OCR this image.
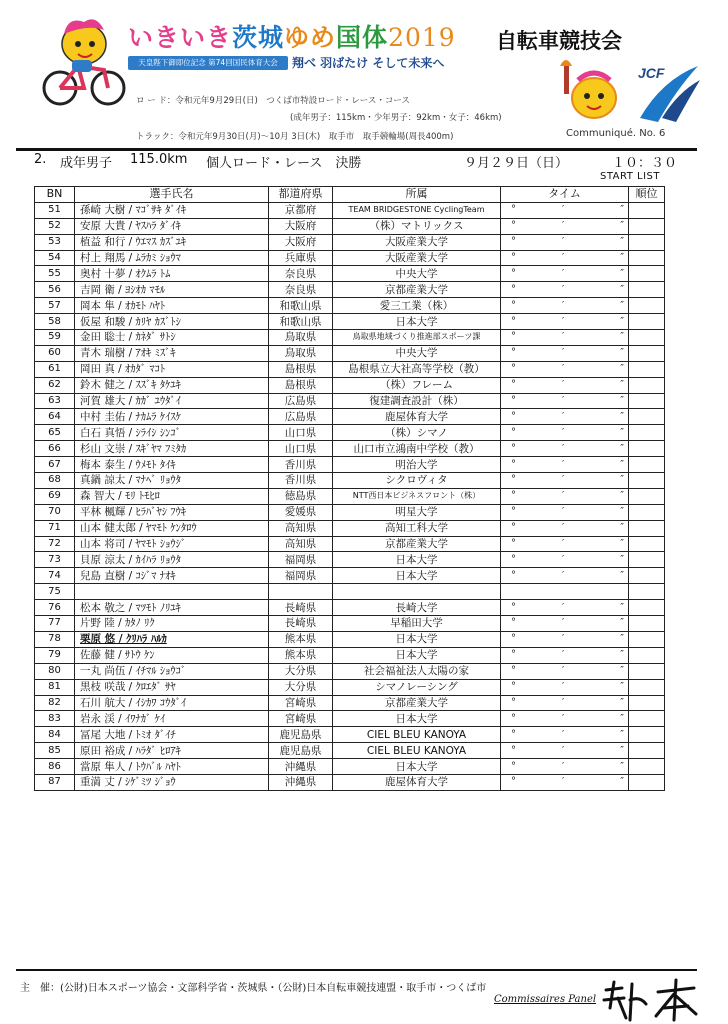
いきいき茨城ゆめ国体2019 自転車競技会
天皇陛下御即位記念 第74回国民体育大会	翔べ 羽ばたけ そして未来へ
JCF
ロ ー ド：令和元年9月29日(日)　つくば市特設ロード・レース・コース
(成年男子：115km・少年男子：92km・女子：46km)
トラック：令和元年9月30日(月)〜10月 3日(木)　取手市　取手競輪場(周長400m)	Communiqué. No. 6
2. 成年男子 115.0km 個人ロード・レース　決勝	９月２９日（日）	１０：３０
START LIST
BN	選手氏名	都道府県	所属	タイム	順位
51	孫崎 大樹 / ﾏｺﾞｻｷ ﾀﾞｲｷ	京都府	TEAM BRIDGESTONE CyclingTeam	° ′ ″	
52	安原 大貴 / ﾔｽﾊﾗ ﾀﾞｲｷ	大阪府	（株）マトリックス	° ′ ″	
53	植益 和行 / ｳｴﾏｽ ｶｽﾞﾕｷ	大阪府	大阪産業大学	° ′ ″	
54	村上 翔馬 / ﾑﾗｶﾐ ｼｮｳﾏ	兵庫県	大阪産業大学	° ′ ″	
55	奥村 十夢 / ｵｸﾑﾗ ﾄﾑ	奈良県	中央大学	° ′ ″	
56	吉岡 衛 / ﾖｼｵｶ ﾏﾓﾙ	奈良県	京都産業大学	° ′ ″	
57	岡本 隼 / ｵｶﾓﾄ ﾊﾔﾄ	和歌山県	愛三工業（株）	° ′ ″	
58	仮屋 和駿 / ｶﾘﾔ ｶｽﾞﾄｼ	和歌山県	日本大学	° ′ ″	
59	金田 聡士 / ｶﾈﾀﾞ ｻﾄｼ	鳥取県	鳥取県地域づくり推進部スポーツ課	° ′ ″	
60	青木 瑞樹 / ｱｵｷ ﾐｽﾞｷ	鳥取県	中央大学	° ′ ″	
61	岡田 真 / ｵｶﾀﾞ ﾏｺﾄ	島根県	島根県立大社高等学校（教）	° ′ ″	
62	鈴木 健之 / ｽｽﾞｷ ﾀｹﾕｷ	島根県	（株）フレーム	° ′ ″	
63	河賀 雄大 / ｶｶﾞ ﾕｳﾀﾞｲ	広島県	復建調査設計（株）	° ′ ″	
64	中村 圭佑 / ﾅｶﾑﾗ ｹｲｽｹ	広島県	鹿屋体育大学	° ′ ″	
65	白石 真悟 / ｼﾗｲｼ ｼﾝｺﾞ	山口県	（株）シマノ	° ′ ″	
66	杉山 文崇 / ｽｷﾞﾔﾏ ﾌﾐﾀｶ	山口県	山口市立鴻南中学校（教）	° ′ ″	
67	梅本 泰生 / ｳﾒﾓﾄ ﾀｲｷ	香川県	明治大学	° ′ ″	
68	真鍋 諒太 / ﾏﾅﾍﾞ ﾘｮｳﾀ	香川県	シクロヴィタ	° ′ ″	
69	森 智大 / ﾓﾘ ﾄﾓﾋﾛ	徳島県	NTT西日本ビジネスフロント（株）	° ′ ″	
70	平林 楓輝 / ﾋﾗﾊﾞﾔｼ ﾌｳｷ	愛媛県	明星大学	° ′ ″	
71	山本 健太郎 / ﾔﾏﾓﾄ ｹﾝﾀﾛｳ	高知県	高知工科大学	° ′ ″	
72	山本 将司 / ﾔﾏﾓﾄ ｼｮｳｼﾞ	高知県	京都産業大学	° ′ ″	
73	貝原 涼太 / ｶｲﾊﾗ ﾘｮｳﾀ	福岡県	日本大学	° ′ ″	
74	兒島 直樹 / ｺｼﾞﾏ ﾅｵｷ	福岡県	日本大学	° ′ ″	
75					
76	松本 敬之 / ﾏﾂﾓﾄ ﾉﾘﾕｷ	長崎県	長崎大学	° ′ ″	
77	片野 陸 / ｶﾀﾉ ﾘｸ	長崎県	早稲田大学	° ′ ″	
78	栗原 悠 / ｸﾘﾊﾗ ﾊﾙｶ	熊本県	日本大学	° ′ ″	
79	佐藤 健 / ｻﾄｳ ｹﾝ	熊本県	日本大学	° ′ ″	
80	一丸 尚伍 / ｲﾁﾏﾙ ｼｮｳｺﾞ	大分県	社会福祉法人太陽の家	° ′ ″	
81	黒枝 咲哉 / ｸﾛｴﾀﾞ ｻﾔ	大分県	シマノレーシング	° ′ ″	
82	石川 航大 / ｲｼｶﾜ ｺｳﾀﾞｲ	宮崎県	京都産業大学	° ′ ″	
83	岩永 渓 / ｲﾜﾅｶﾞ ｹｲ	宮崎県	日本大学	° ′ ″	
84	冨尾 大地 / ﾄﾐｵ ﾀﾞｲﾁ	鹿児島県	CIEL BLEU KANOYA	° ′ ″	
85	原田 裕成 / ﾊﾗﾀﾞ ﾋﾛｱｷ	鹿児島県	CIEL BLEU KANOYA	° ′ ″	
86	當原 隼人 / ﾄｳﾊﾞﾙ ﾊﾔﾄ	沖縄県	日本大学	° ′ ″	
87	重満 丈 / ｼｹﾞﾐﾂ ｼﾞｮｳ	沖縄県	鹿屋体育大学	° ′ ″	
主　催：(公財)日本スポーツ協会・文部科学省・茨城県・（公財)日本自転車競技連盟・取手市・つくば市
Commissaires Panel
